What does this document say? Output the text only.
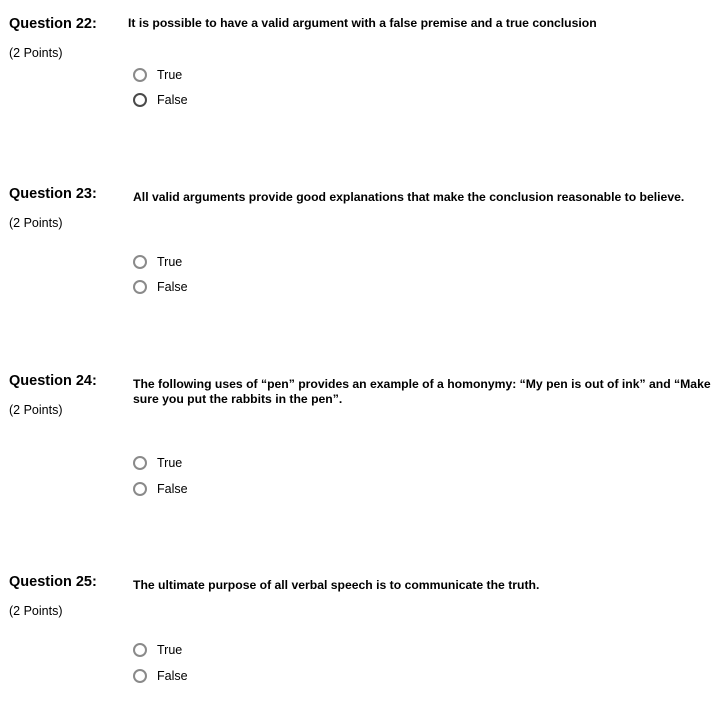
Question 22:
(2 Points)
It is possible to have a valid argument with a false premise and a true conclusion
True
False
Question 23:
(2 Points)
All valid arguments provide good explanations that make the conclusion reasonable to believe.
True
False
Question 24:
(2 Points)
The following uses of “pen” provides an example of a homonymy: “My pen is out of ink” and “Make sure you put the rabbits in the pen”.
True
False
Question 25:
(2 Points)
The ultimate purpose of all verbal speech is to communicate the truth.
True
False
